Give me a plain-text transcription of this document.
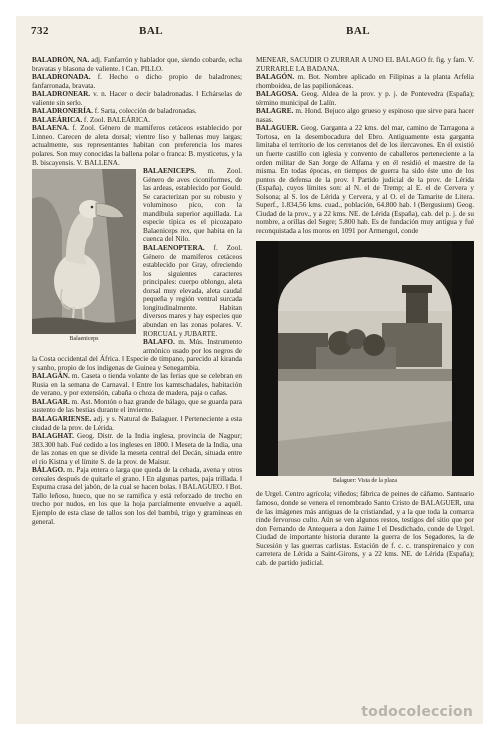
732	BAL	BAL

BALADRÓN, NA. adj. Fanfarrón y hablador que, siendo cobarde, echa bravatas y blasona de valiente. ‖ Can. PILLO.

BALADRONADA. f. Hecho o dicho propio de baladrones; fanfarronada, bravata.

BALADRONEAR. v. n. Hacer o decir baladronadas. ‖ Echárselas de valiente sin serlo.

BALADRONERÍA. f. Sarta, colección de baladronadas.

BALAEÁRICA. f. Zool. BALEÁRICA.

BALAENA. f. Zool. Género de mamíferos cetáceos establecido por Linneo. Carecen de aleta dorsal; vientre liso y ballenas muy largas; actualmente, sus representantes habitan con preferencia los mares polares. Son muy conocidas la ballena polar o franca: B. mysticetus, y la B. biscayensis. V. BALLENA.

Balaeniceps

BALAENICEPS. m. Zool. Género de aves ciconiformes, de las ardeas, establecido por Gould. Se caracterizan por su robusto y voluminoso pico, con la mandíbula superior aquillada. La especie típica es el picozapato Balaeniceps rex, que habita en la cuenca del Nilo.

BALAENOPTERA. f. Zool. Género de mamíferos cetáceos establecido por Gray, ofreciendo los siguientes caracteres principales: cuerpo oblongo, aleta dorsal muy elevada, aleta caudal pequeña y región ventral surcada longitudinalmente. Habitan diversos mares y hay especies que abundan en las zonas polares. V. RORCUAL y JUBARTE.

BALAFO. m. Mús. Instrumento armónico usado por los negros de la Costa occidental del África. ‖ Especie de tímpano, parecido al kiranda y sanho, propio de los indígenas de Guinea y Senegambia.

BALAGÁN. m. Caseta o tienda volante de las ferias que se celebran en Rusia en la semana de Carnaval. ‖ Entre los kamtschadales, habitación de verano, y por extensión, cabaña o choza de madera, paja o cañas.

BALAGAR. m. Ast. Montón o haz grande de bálago, que se guarda para sustento de las bestias durante el invierno.

BALAGARIENSE. adj. y s. Natural de Balaguer. ‖ Perteneciente a esta ciudad de la prov. de Lérida.

BALAGHAT. Geog. Distr. de la India inglesa, provincia de Nagpur; 383.300 hab. Fué cedido a los ingleses en 1800. ‖ Meseta de la India, una de las zonas en que se divide la meseta central del Decán, situada entre el río Kistna y el límite S. de la prov. de Maisur.

BÁLAGO. m. Paja entera o larga que queda de la cebada, avena y otros cereales después de quitarle el grano. ‖ En algunas partes, paja trillada. ‖ Espuma crasa del jabón, de la cual se hacen bolas. ‖ BALAGUEO. ‖ Bot. Tallo leñoso, hueco, que no se ramifica y está reforzado de trecho en trecho por nudos, en los que la hoja parcialmente envuelve a aquél. Ejemplo de esta clase de tallos son los del bambú, trigo y gramíneas en general.

MENEAR, SACUDIR O ZURRAR A UNO EL BÁLAGO fr. fig. y fam. V. ZURRARLE LA BADANA.

BALAGÓN. m. Bot. Nombre aplicado en Filipinas a la planta Arfelia rhomboidea, de las papilionáceas.

BALAGOSA. Geog. Aldea de la prov. y p. j. de Pontevedra (España); término municipal de Lalín.

BALAGRE. m. Hond. Bejuco algo grueso y espinoso que sirve para hacer nasas.

BALAGUER. Geog. Garganta a 22 kms. del mar, camino de Tarragona a Tortosa, en la desembocadura del Ebro. Antiguamente esta garganta limitaba el territorio de los cerretanos del de los ilercavones. En él existió un fuerte castillo con iglesia y convento de caballeros perteneciente a la orden militar de San Jorge de Alfama y en él residió el maestre de la misma. En todas épocas, en tiempos de guerra ha sido éste uno de los puntos de defensa de la prov. ‖ Partido judicial de la prov. de Lérida (España), cuyos límites son: al N. el de Tremp; al E. el de Cervera y Solsona; al S. los de Lérida y Cervera, y al O. el de Tamarite de Litera. Superf., 1.834,56 kms. cuad., población, 64.800 hab. ‖ (Bergusium) Geog. Ciudad de la prov., y a 22 kms. NE. de Lérida (España), cab. del p. j. de su nombre, a orillas del Segre; 5.800 hab. Es de fundación muy antigua y fué reconquistada a los moros en 1091 por Armengol, conde

Balaguer: Vista de la plaza

de Urgel. Centro agrícola; viñedos; fábrica de peines de cáñamo. Santuario famoso, donde se venera el renombrado Santo Cristo de BALAGUER, una de las imágenes más antiguas de la cristiandad, y a la que toda la comarca rinde fervoroso culto. Aún se ven algunos restos, testigos del sitio que por don Fernando de Antequera a don Jaime I el Desdichado, conde de Urgel. Ciudad de importante historia durante la guerra de los Segadores, la de Sucesión y las guerras carlistas. Estación de f. c. c. transpirenaico y con carretera de Lérida a Saint-Girons, y a 22 kms. NE. de Lérida (España); cab. de partido judicial.

todocoleccion
